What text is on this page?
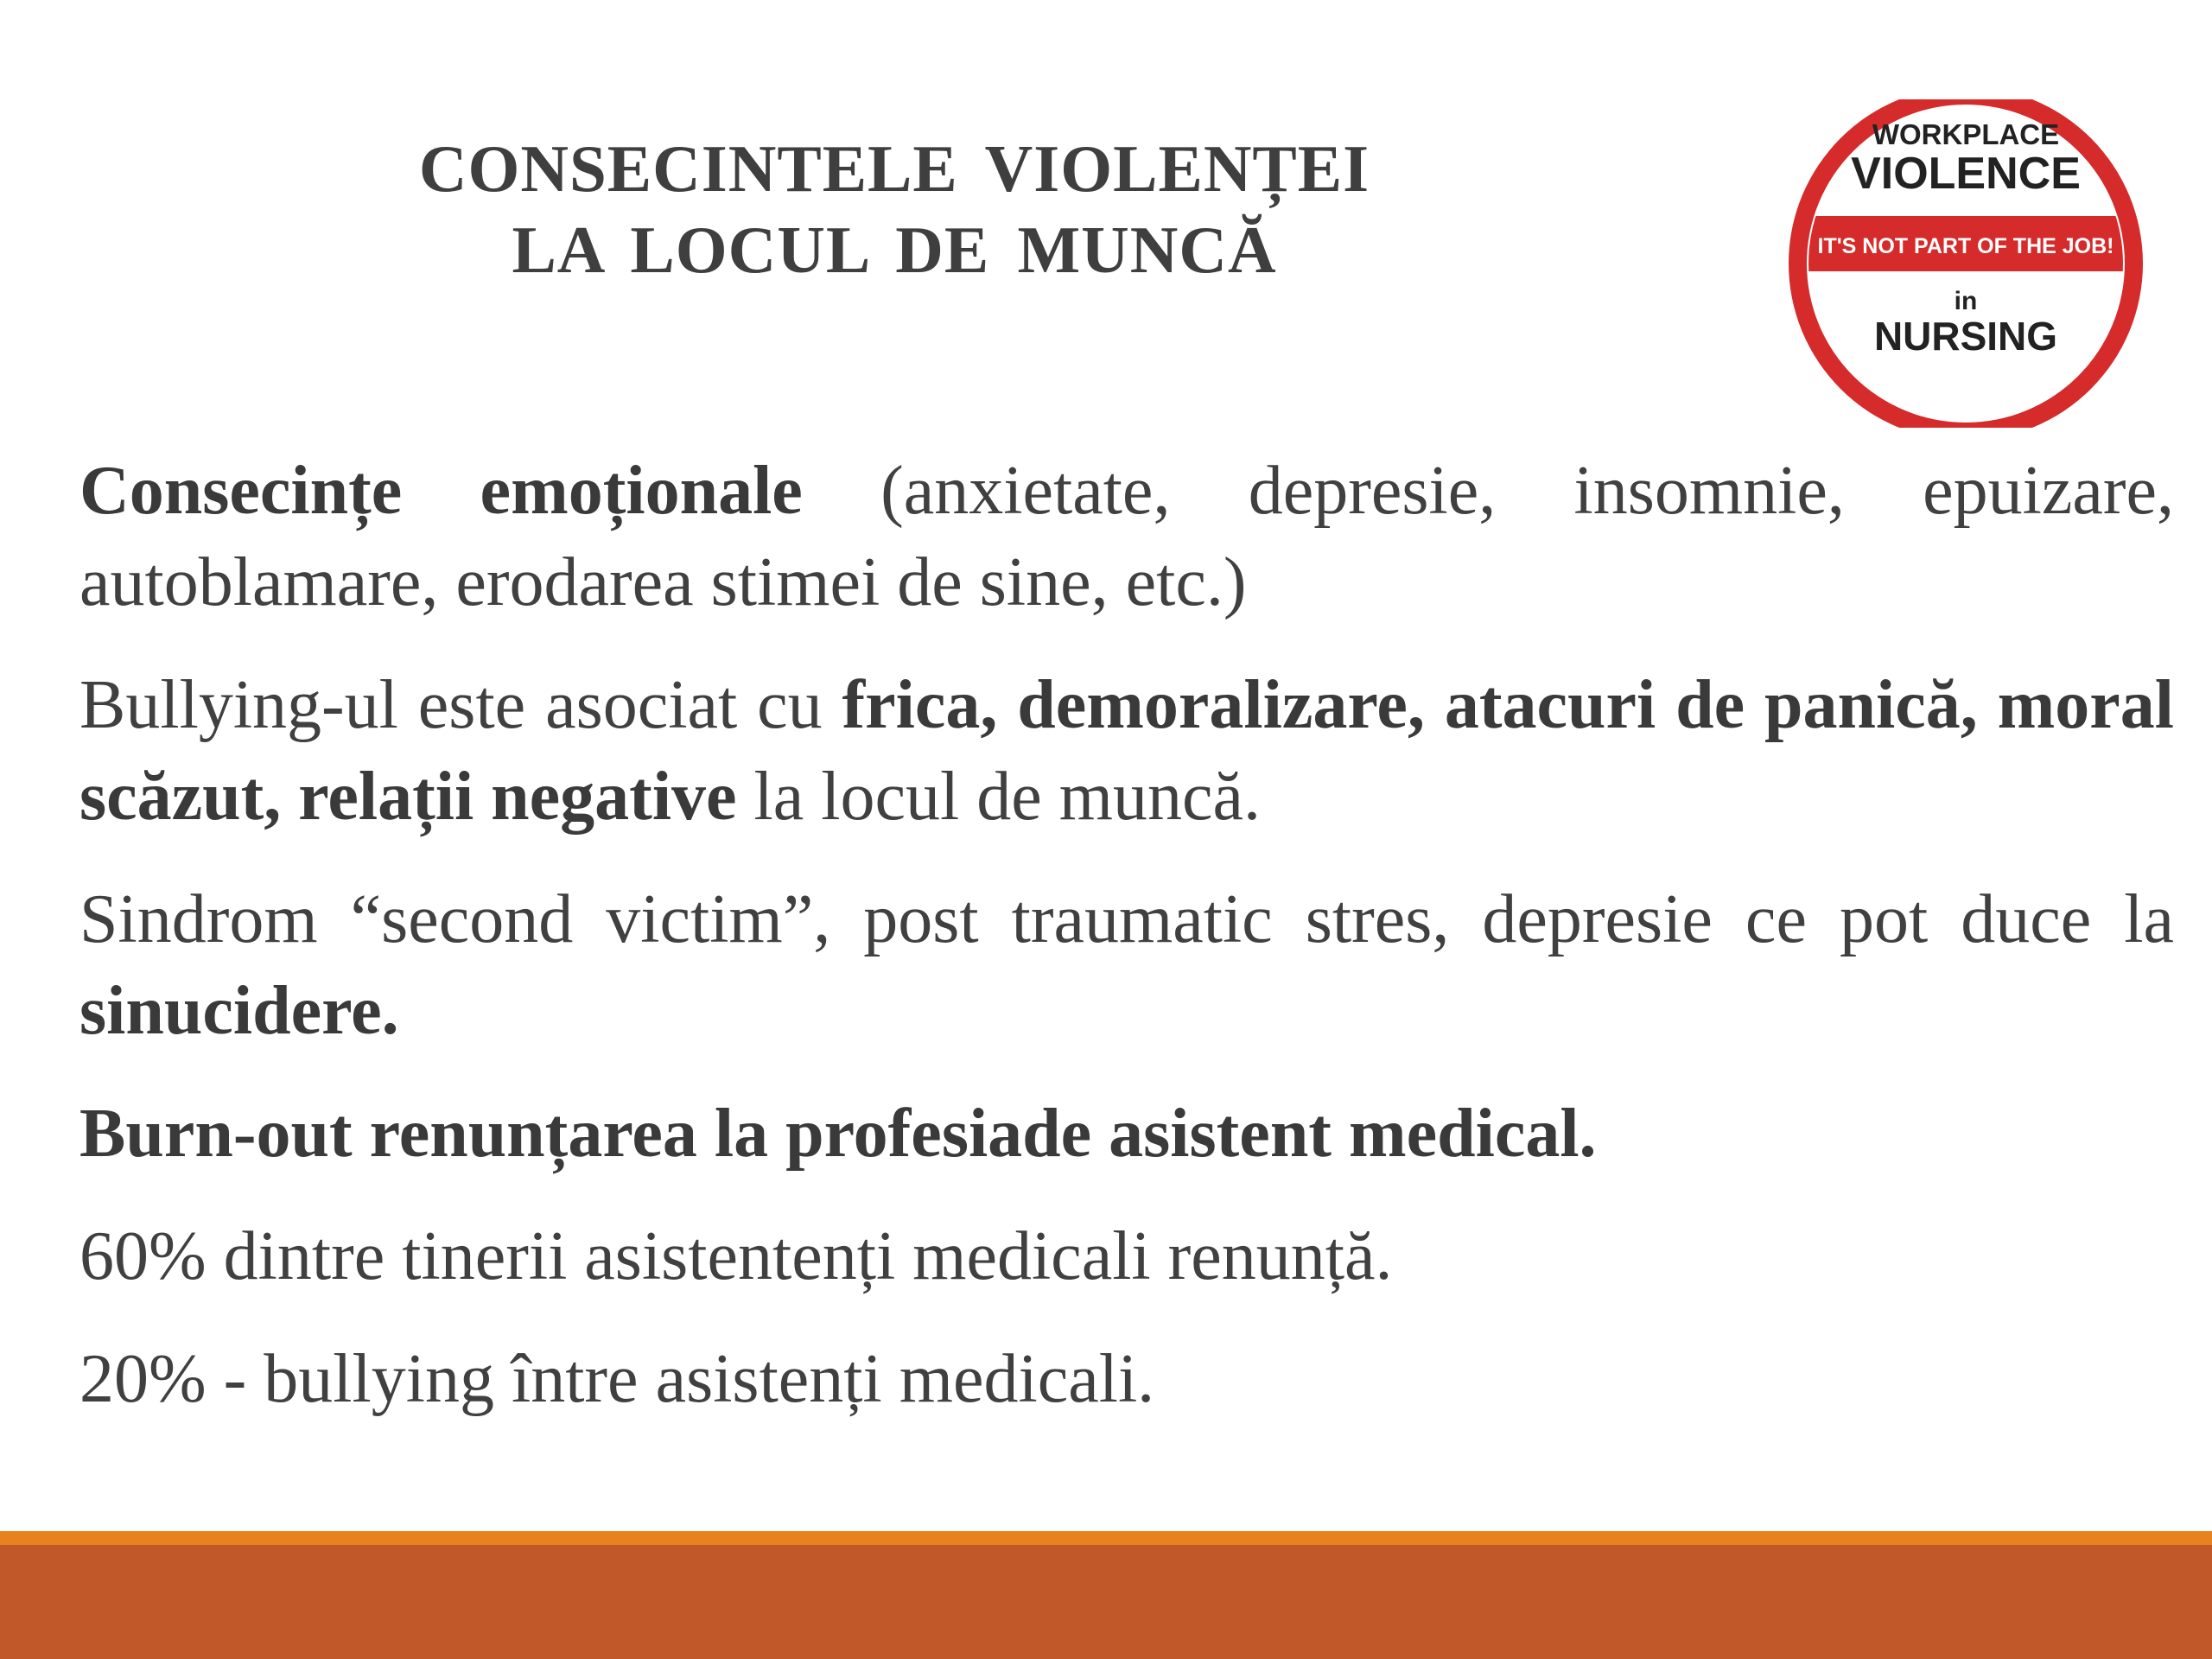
CONSECINTELE VIOLENȚEI
LA LOCUL DE MUNCĂ
WORKPLACE
VIOLENCE
IT'S NOT PART OF THE JOB!
in
NURSING

Consecințe emoționale (anxietate, depresie, insomnie, epuizare, autoblamare, erodarea stimei de sine, etc.)

Bullying-ul este asociat cu frica, demoralizare, atacuri de panică, moral scăzut, relații negative la locul de muncă.

Sindrom “second victim”, post traumatic stres, depresie ce pot duce la sinucidere.

Burn-out renunțarea la profesiade asistent medical.

60% dintre tinerii asistentenți medicali renunță.

20% - bullying între asistenți medicali.
